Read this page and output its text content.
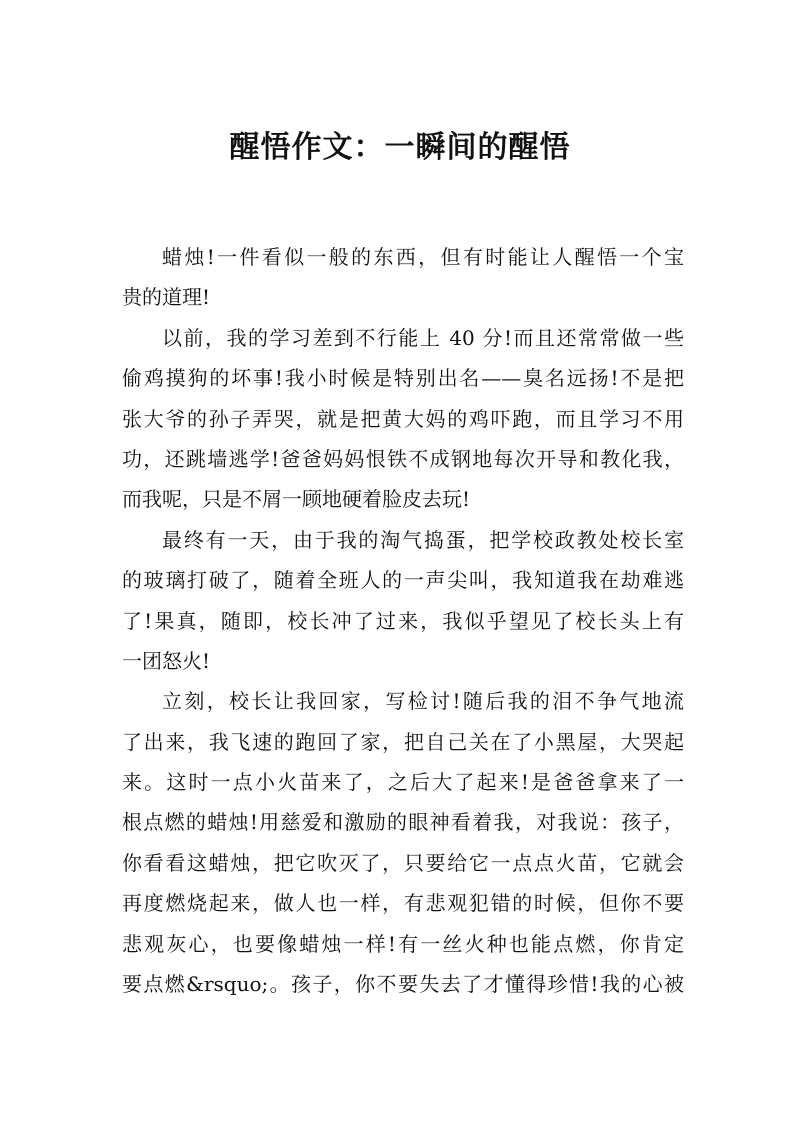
醒悟作文：一瞬间的醒悟
蜡烛!一件看似一般的东西，但有时能让人醒悟一个宝
贵的道理!
以前，我的学习差到不行能上 40 分!而且还常常做一些
偷鸡摸狗的坏事!我小时候是特别出名——臭名远扬!不是把
张大爷的孙子弄哭，就是把黄大妈的鸡吓跑，而且学习不用
功，还跳墙逃学!爸爸妈妈恨铁不成钢地每次开导和教化我，
而我呢，只是不屑一顾地硬着脸皮去玩!
最终有一天，由于我的淘气捣蛋，把学校政教处校长室
的玻璃打破了，随着全班人的一声尖叫，我知道我在劫难逃
了!果真，随即，校长冲了过来，我似乎望见了校长头上有
一团怒火!
立刻，校长让我回家，写检讨!随后我的泪不争气地流
了出来，我飞速的跑回了家，把自己关在了小黑屋，大哭起
来。这时一点小火苗来了，之后大了起来!是爸爸拿来了一
根点燃的蜡烛!用慈爱和激励的眼神看着我，对我说：孩子，
你看看这蜡烛，把它吹灭了，只要给它一点点火苗，它就会
再度燃烧起来，做人也一样，有悲观犯错的时候，但你不要
悲观灰心，也要像蜡烛一样!有一丝火种也能点燃，你肯定
要点燃&rsquo;。孩子，你不要失去了才懂得珍惜!我的心被
